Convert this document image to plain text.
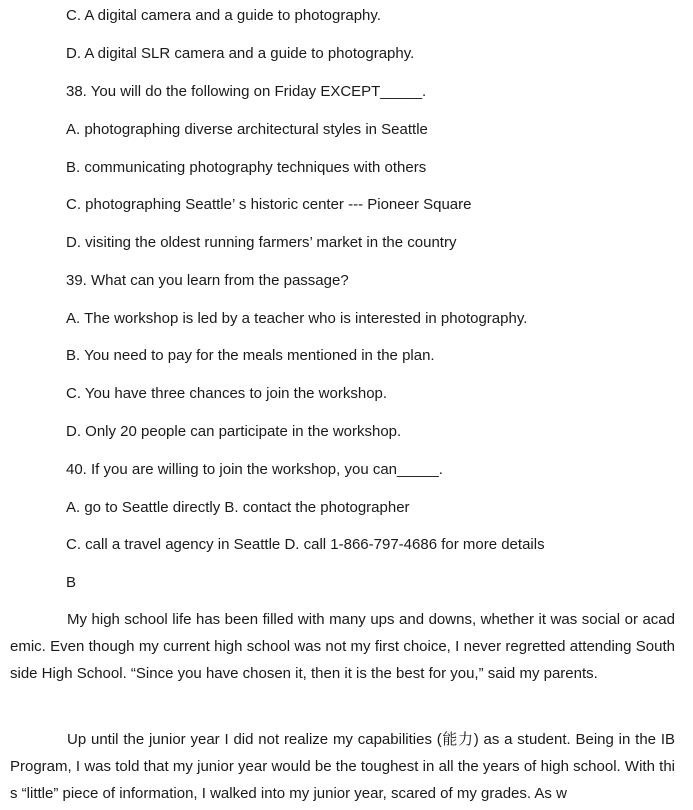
C. A digital camera and a guide to photography.
D. A digital SLR camera and a guide to photography.
38. You will do the following on Friday EXCEPT_____.
A. photographing diverse architectural styles in Seattle
B. communicating photography techniques with others
C. photographing Seattle’ s historic center --- Pioneer Square
D. visiting the oldest running farmers’ market in the country
39. What can you learn from the passage?
A. The workshop is led by a teacher who is interested in photography.
B. You need to pay for the meals mentioned in the plan.
C. You have three chances to join the workshop.
D. Only 20 people can participate in the workshop.
40. If you are willing to join the workshop, you can_____.
A. go to Seattle directly B. contact the photographer
C. call a travel agency in Seattle D. call 1-866-797-4686 for more details
B

My high school life has been filled with many ups and downs, whether it was social or academic. Even though my current high school was not my first choice, I never regretted attending Southside High School. “Since you have chosen it, then it is the best for you,” said my parents.

Up until the junior year I did not realize my capabilities (能力) as a student. Being in the IB Program, I was told that my junior year would be the toughest in all the years of high school. With this “little” piece of information, I walked into my junior year, scared of my grades. As w
